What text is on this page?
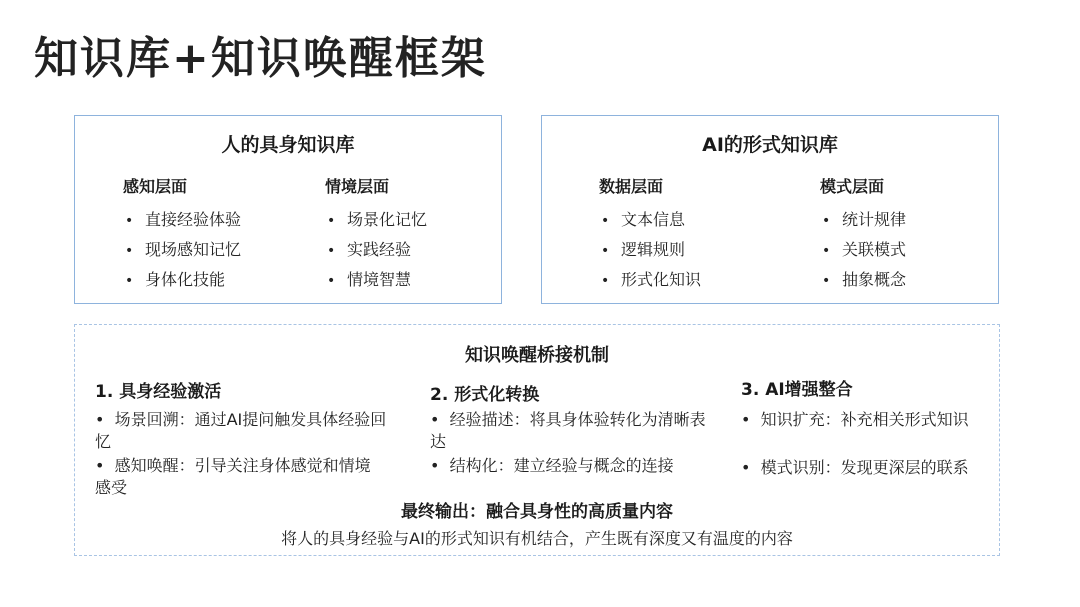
知识库+知识唤醒框架
人的具身知识库
感知层面
• 直接经验体验
• 现场感知记忆
• 身体化技能
情境层面
• 场景化记忆
• 实践经验
• 情境智慧
AI的形式知识库
数据层面
• 文本信息
• 逻辑规则
• 形式化知识
模式层面
• 统计规律
• 关联模式
• 抽象概念
知识唤醒桥接机制
1. 具身经验激活
• 场景回溯：通过AI提问触发具体经验回忆
• 感知唤醒：引导关注身体感觉和情境感受
2. 形式化转换
• 经验描述：将具身体验转化为清晰表达
• 结构化：建立经验与概念的连接
3. AI增强整合
• 知识扩充：补充相关形式知识
• 模式识别：发现更深层的联系
最终输出：融合具身性的高质量内容
将人的具身经验与AI的形式知识有机结合，产生既有深度又有温度的内容
